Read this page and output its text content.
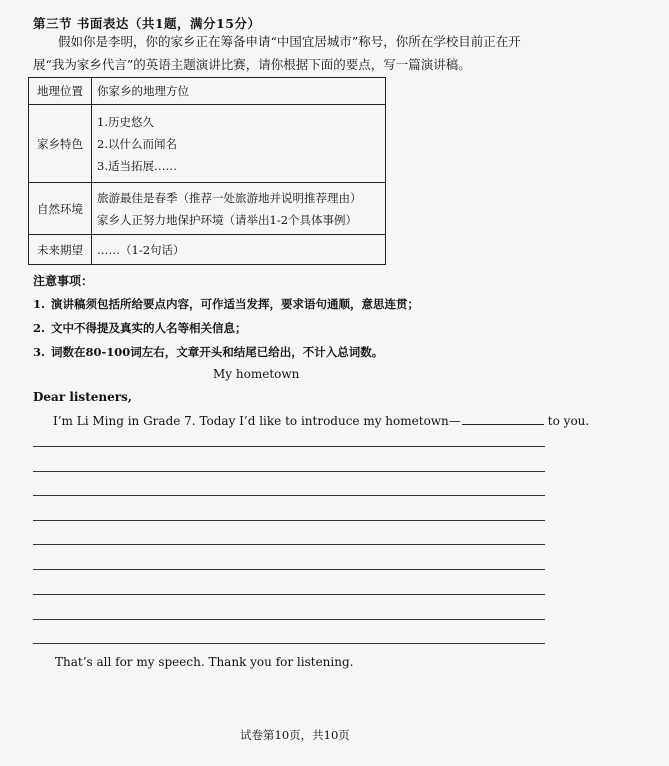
第三节 书面表达（共1题，满分15分）
假如你是李明，你的家乡正在筹备申请“中国宜居城市”称号，你所在学校目前正在开
展“我为家乡代言”的英语主题演讲比赛，请你根据下面的要点，写一篇演讲稿。
地理位置	你家乡的地理方位

家乡特色	1.历史悠久
2.以什么而闻名
3.适当拓展……

自然环境	旅游最佳是春季（推荐一处旅游地并说明推荐理由）
家乡人正努力地保护环境（请举出1-2个具体事例）

未来期望	……（1-2句话）
注意事项：
1. 演讲稿须包括所给要点内容，可作适当发挥，要求语句通顺，意思连贯；
2. 文中不得提及真实的人名等相关信息；
3. 词数在80-100词左右，文章开头和结尾已给出，不计入总词数。
My hometown
Dear listeners,
I’m Li Ming in Grade 7. Today I’d like to introduce my hometown—	to you.
That’s all for my speech. Thank you for listening.
试卷第10页，共10页
